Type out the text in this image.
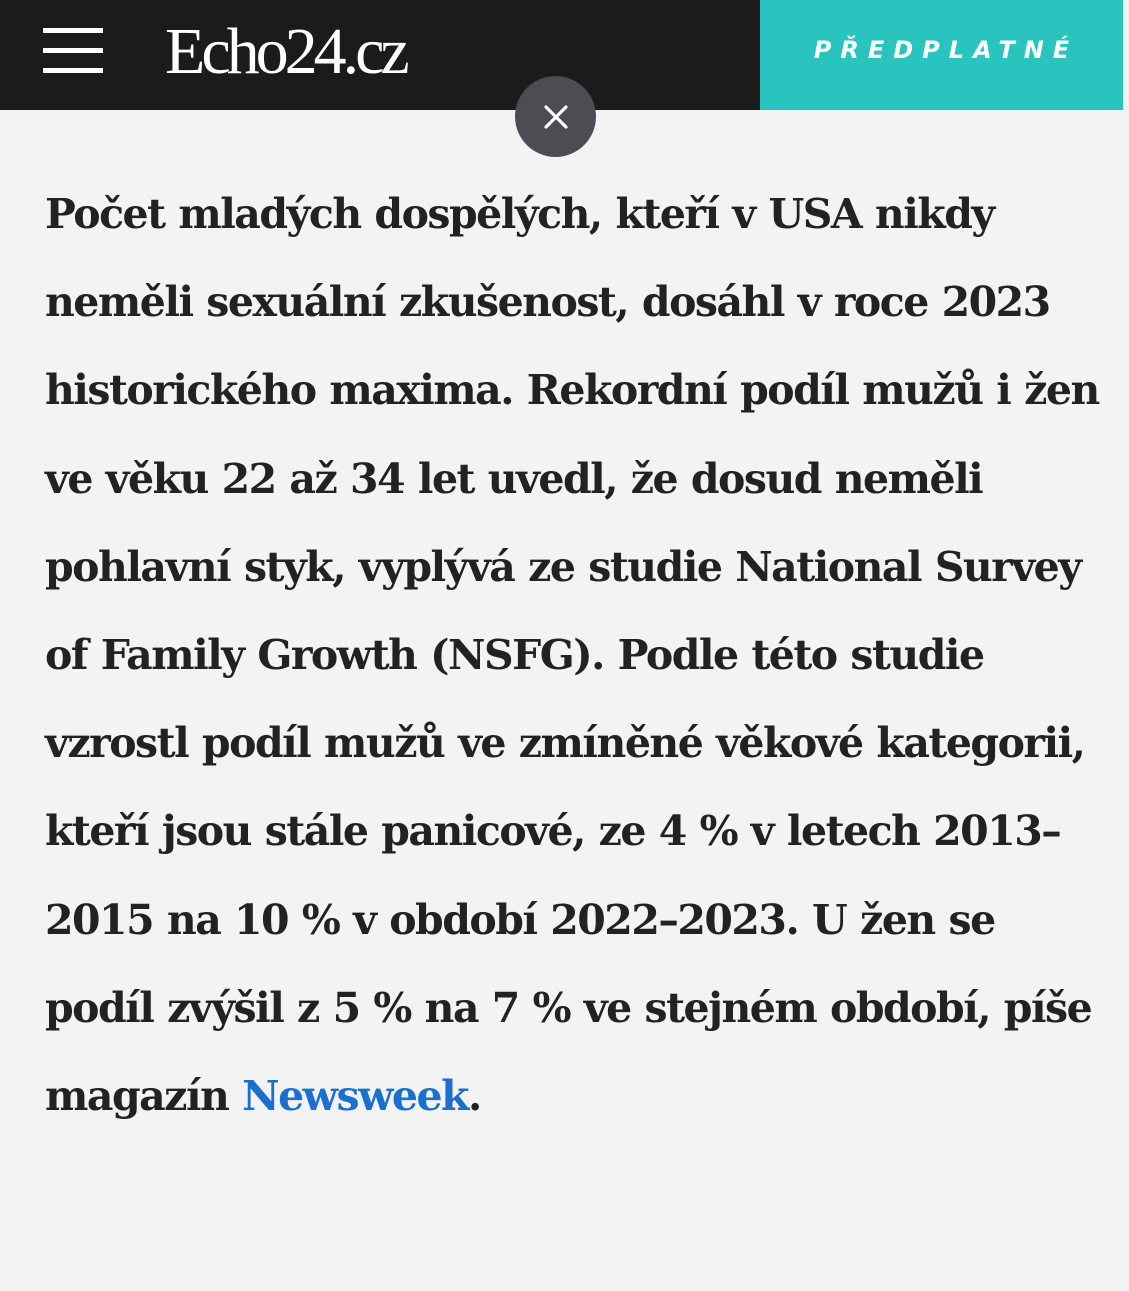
Echo24.cz	PŘEDPLATNÉ

Počet mladých dospělých, kteří v USA nikdy neměli sexuální zkušenost, dosáhl v roce 2023 historického maxima. Rekordní podíl mužů i žen ve věku 22 až 34 let uvedl, že dosud neměli pohlavní styk, vyplývá ze studie National Survey of Family Growth (NSFG). Podle této studie vzrostl podíl mužů ve zmíněné věkové kategorii, kteří jsou stále panicové, ze 4 % v letech 2013–2015 na 10 % v období 2022–2023. U žen se podíl zvýšil z 5 % na 7 % ve stejném období, píše magazín Newsweek.
